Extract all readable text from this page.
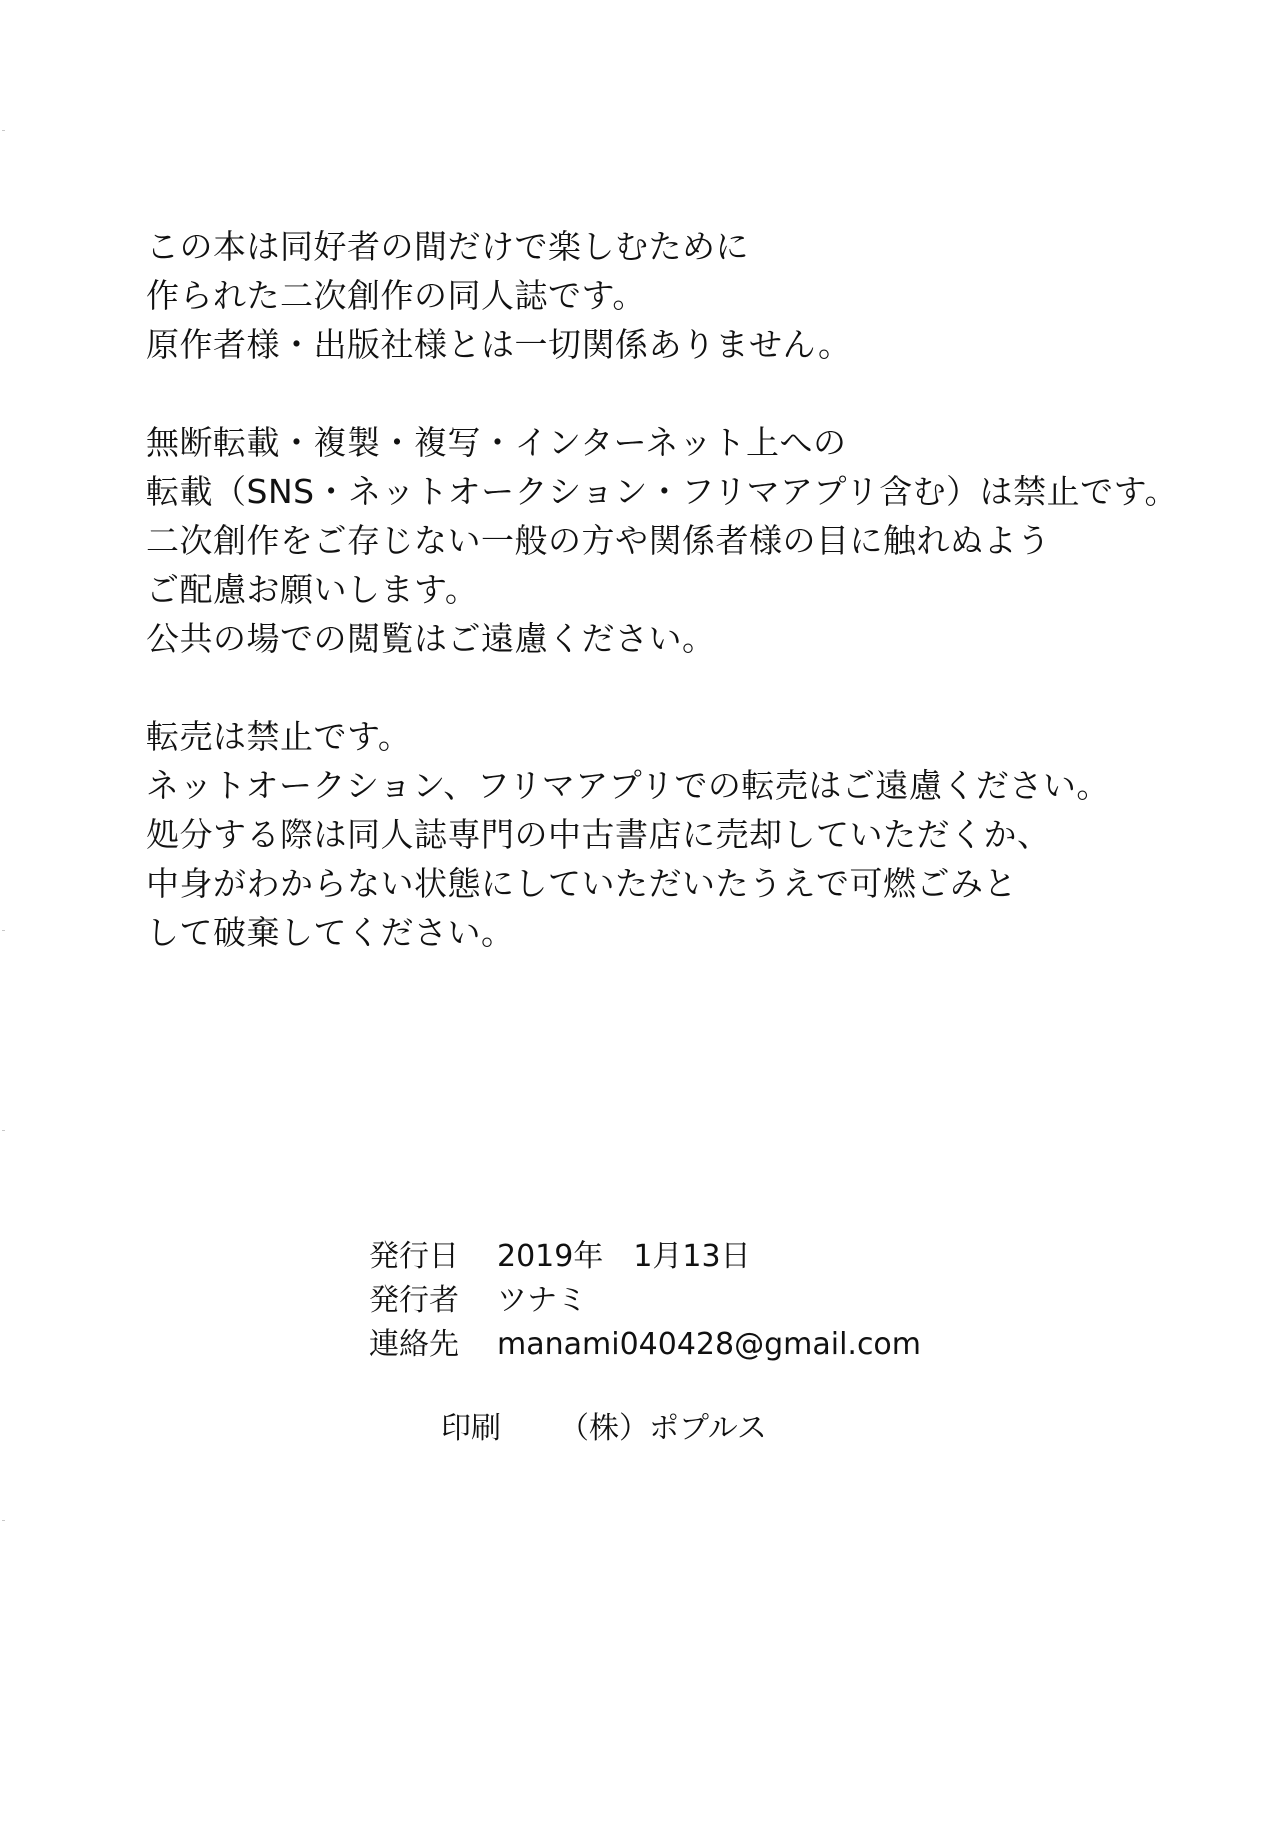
この本は同好者の間だけで楽しむために
作られた二次創作の同人誌です。
原作者様・出版社様とは一切関係ありません。
無断転載・複製・複写・インターネット上への
転載（SNS・ネットオークション・フリマアプリ含む）は禁止です。
二次創作をご存じない一般の方や関係者様の目に触れぬよう
ご配慮お願いします。
公共の場での閲覧はご遠慮ください。
転売は禁止です。
ネットオークション、フリマアプリでの転売はご遠慮ください。
処分する際は同人誌専門の中古書店に売却していただくか、
中身がわからない状態にしていただいたうえで可燃ごみと
して破棄してください。
発行日	2019年　1月13日
発行者	ツナミ
連絡先	manami040428@gmail.com
印刷	（株）ポプルス
